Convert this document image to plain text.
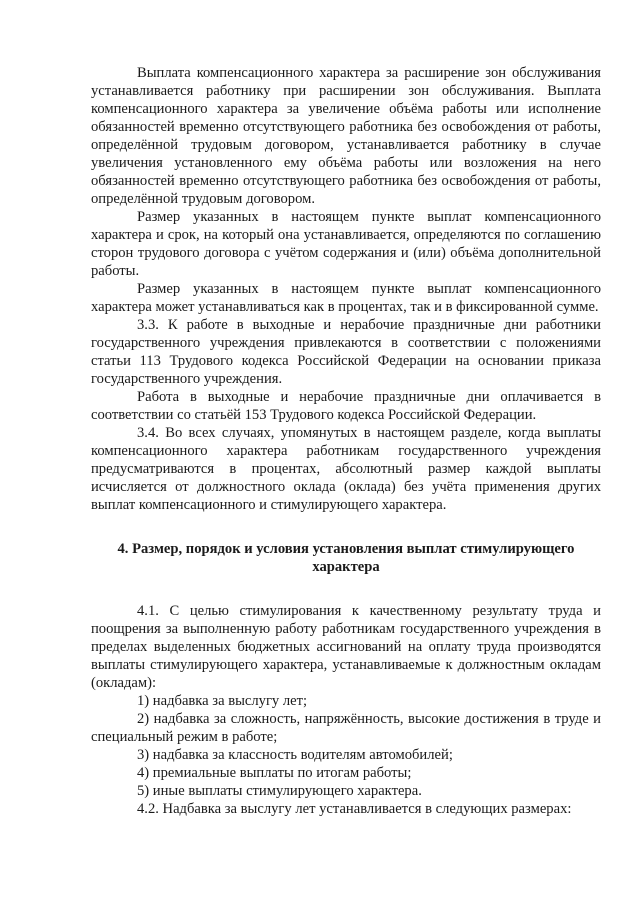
Выплата компенсационного характера за расширение зон обслуживания устанавливается работнику при расширении зон обслуживания. Выплата компенсационного характера за увеличение объёма работы или исполнение обязанностей временно отсутствующего работника без освобождения от работы, определённой трудовым договором, устанавливается работнику в случае увеличения установленного ему объёма работы или возложения на него обязанностей временно отсутствующего работника без освобождения от работы, определённой трудовым договором.

Размер указанных в настоящем пункте выплат компенсационного характера и срок, на который она устанавливается, определяются по соглашению сторон трудового договора с учётом содержания и (или) объёма дополнительной работы.

Размер указанных в настоящем пункте выплат компенсационного характера может устанавливаться как в процентах, так и в фиксированной сумме.

3.3. К работе в выходные и нерабочие праздничные дни работники государственного учреждения привлекаются в соответствии с положениями статьи 113 Трудового кодекса Российской Федерации на основании приказа государственного учреждения.

Работа в выходные и нерабочие праздничные дни оплачивается в соответствии со статьёй 153 Трудового кодекса Российской Федерации.

3.4. Во всех случаях, упомянутых в настоящем разделе, когда выплаты компенсационного характера работникам государственного учреждения предусматриваются в процентах, абсолютный размер каждой выплаты исчисляется от должностного оклада (оклада) без учёта применения других выплат компенсационного и стимулирующего характера.

4. Размер, порядок и условия установления выплат стимулирующего
характера

4.1. С целью стимулирования к качественному результату труда и поощрения за выполненную работу работникам государственного учреждения в пределах выделенных бюджетных ассигнований на оплату труда производятся выплаты стимулирующего характера, устанавливаемые к должностным окладам (окладам):

1) надбавка за выслугу лет;

2) надбавка за сложность, напряжённость, высокие достижения в труде и специальный режим в работе;

3) надбавка за классность водителям автомобилей;

4) премиальные выплаты по итогам работы;

5) иные выплаты стимулирующего характера.

4.2. Надбавка за выслугу лет устанавливается в следующих размерах:
